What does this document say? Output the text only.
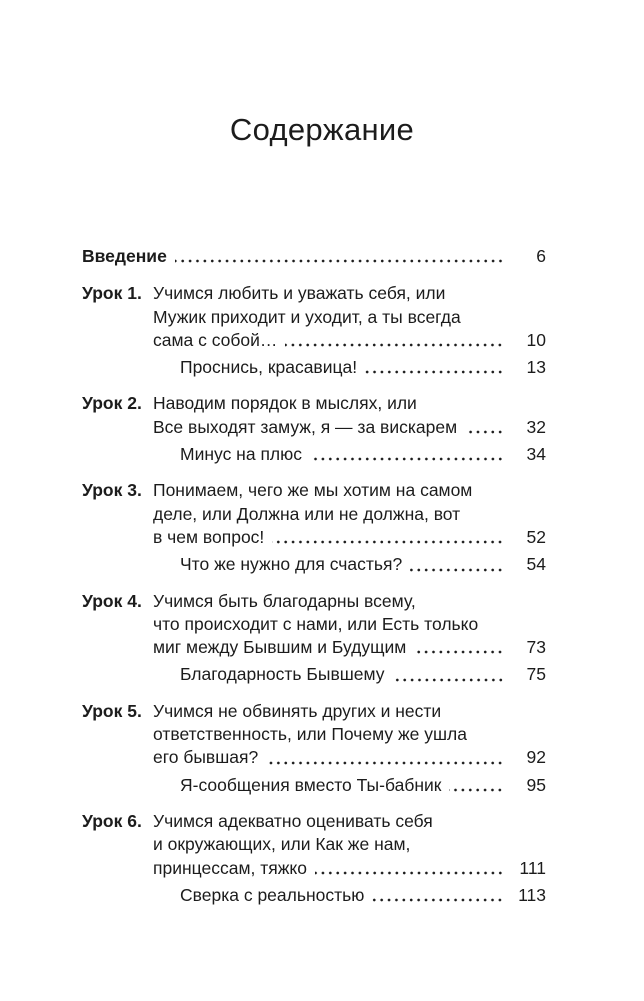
Содержание
Введение	6
Урок 1. Учимся любить и уважать себя, или
Мужик приходит и уходит, а ты всегда
сама с собой…	10
Проснись, красавица!	13
Урок 2. Наводим порядок в мыслях, или
Все выходят замуж, я — за вискарем	32
Минус на плюс	34
Урок 3. Понимаем, чего же мы хотим на самом
деле, или Должна или не должна, вот
в чем вопрос!	52
Что же нужно для счастья?	54
Урок 4. Учимся быть благодарны всему,
что происходит с нами, или Есть только
миг между Бывшим и Будущим	73
Благодарность Бывшему	75
Урок 5. Учимся не обвинять других и нести
ответственность, или Почему же ушла
его бывшая?	92
Я-сообщения вместо Ты-бабник	95
Урок 6. Учимся адекватно оценивать себя
и окружающих, или Как же нам,
принцессам, тяжко	111
Сверка с реальностью	113
